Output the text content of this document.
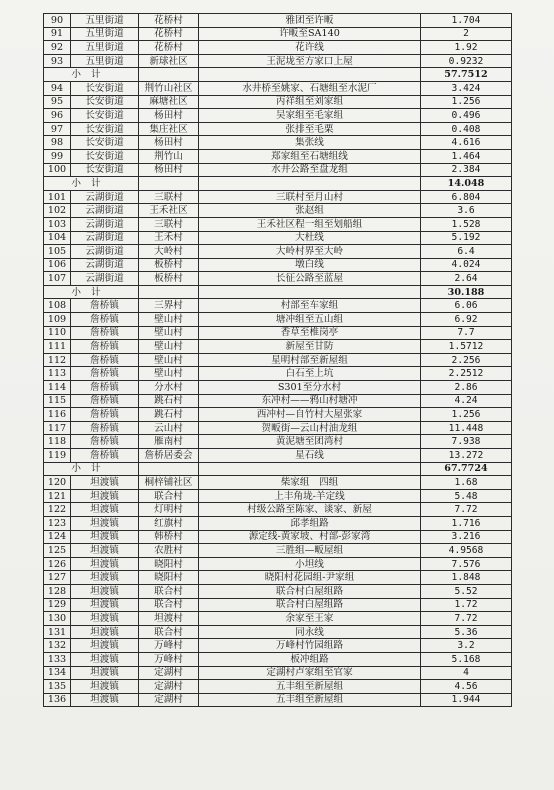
90	五里街道	花桥村	雅团至许畈	1.704
91	五里街道	花桥村	许畈至SA140	2
92	五里街道	花桥村	花许线	1.92
93	五里街道	新球社区	王泥垅至方家口上屋	0.9232
小计				57.7512
94	长安街道	荆竹山社区	水井桥至姚家、石塘组至水泥厂	3.424
95	长安街道	麻塘社区	丙祥组至刘家组	1.256
96	长安街道	杨田村	吴家组至毛家组	0.496
97	长安街道	集庄社区	张排至毛栗	0.408
98	长安街道	杨田村	集张线	4.616
99	长安街道	荆竹山	郑家组至石塘组线	1.464
100	长安街道	杨田村	水井公路至盘龙组	2.384
小计				14.048
101	云湖街道	三联村	三联村至月山村	6.804
102	云湖街道	王禾社区	张赵组	3.6
103	云湖街道	三联村	王禾社区程一组至划船组	1.528
104	云湖街道	王禾村	大杜线	5.192
105	云湖街道	大岭村	大岭村界至大岭	6.4
106	云湖街道	板桥村	墩白线	4.024
107	云湖街道	板桥村	长征公路至蓝屋	2.64
小计				30.188
108	詹桥镇	三界村	村部至车家组	6.06
109	詹桥镇	壁山村	塘冲组至五山组	6.92
110	詹桥镇	壁山村	香草至椎岗亭	7.7
111	詹桥镇	壁山村	新屋至甘防	1.5712
112	詹桥镇	壁山村	星明村部至新屋组	2.256
113	詹桥镇	壁山村	白石至上坑	2.2512
114	詹桥镇	分水村	S301至分水村	2.86
115	詹桥镇	跳石村	东冲村——鸦山村塘冲	4.24
116	詹桥镇	跳石村	西冲村—自竹村大屋张家	1.256
117	詹桥镇	云山村	贺畈街—云山村油龙组	11.448
118	詹桥镇	雁南村	黄泥塘至团湾村	7.938
119	詹桥镇	詹桥居委会	星石线	13.272
小计				67.7724
120	坦渡镇	桐梓铺社区	柴家组　四组	1.68
121	坦渡镇	联合村	上丰角垅-羊定线	5.48
122	坦渡镇	灯明村	村级公路至陈家、谈家、新屋	7.72
123	坦渡镇	红旗村	邱孝组路	1.716
124	坦渡镇	韩桥村	源定线-黄家坡、村部-彭家湾	3.216
125	坦渡镇	农胜村	三胜组—畈屋组	4.9568
126	坦渡镇	晓阳村	小坦线	7.576
127	坦渡镇	晓阳村	晓阳村花园组-尹家组	1.848
128	坦渡镇	联合村	联合村白屋组路	5.52
129	坦渡镇	联合村	联合村白屋组路	1.72
130	坦渡镇	坦渡村	余家至王家	7.72
131	坦渡镇	联合村	同永线	5.36
132	坦渡镇	万峰村	万峰村竹园组路	3.2
133	坦渡镇	万峰村	板冲组路	5.168
134	坦渡镇	定湖村	定湖村卢家组至官家	4
135	坦渡镇	定湖村	五丰组至新屋组	4.56
136	坦渡镇	定湖村	五丰组至新屋组	1.944
